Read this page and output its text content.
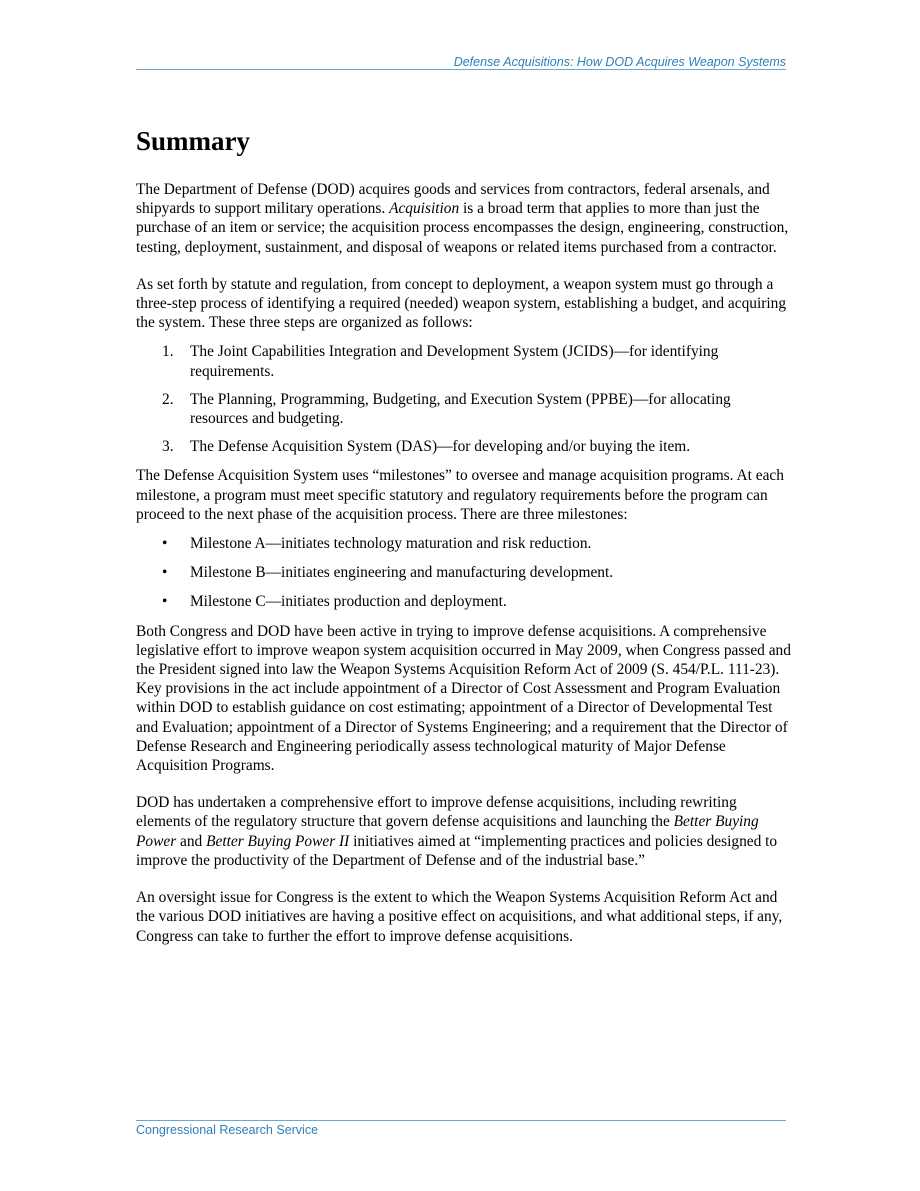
Defense Acquisitions: How DOD Acquires Weapon Systems
Summary

The Department of Defense (DOD) acquires goods and services from contractors, federal arsenals, and shipyards to support military operations. Acquisition is a broad term that applies to more than just the purchase of an item or service; the acquisition process encompasses the design, engineering, construction, testing, deployment, sustainment, and disposal of weapons or related items purchased from a contractor.

As set forth by statute and regulation, from concept to deployment, a weapon system must go through a three-step process of identifying a required (needed) weapon system, establishing a budget, and acquiring the system. These three steps are organized as follows:

1. The Joint Capabilities Integration and Development System (JCIDS)—for identifying requirements.
2. The Planning, Programming, Budgeting, and Execution System (PPBE)—for allocating resources and budgeting.
3. The Defense Acquisition System (DAS)—for developing and/or buying the item.

The Defense Acquisition System uses “milestones” to oversee and manage acquisition programs. At each milestone, a program must meet specific statutory and regulatory requirements before the program can proceed to the next phase of the acquisition process. There are three milestones:

• Milestone A—initiates technology maturation and risk reduction.
• Milestone B—initiates engineering and manufacturing development.
• Milestone C—initiates production and deployment.

Both Congress and DOD have been active in trying to improve defense acquisitions. A comprehensive legislative effort to improve weapon system acquisition occurred in May 2009, when Congress passed and the President signed into law the Weapon Systems Acquisition Reform Act of 2009 (S. 454/P.L. 111-23). Key provisions in the act include appointment of a Director of Cost Assessment and Program Evaluation within DOD to establish guidance on cost estimating; appointment of a Director of Developmental Test and Evaluation; appointment of a Director of Systems Engineering; and a requirement that the Director of Defense Research and Engineering periodically assess technological maturity of Major Defense Acquisition Programs.

DOD has undertaken a comprehensive effort to improve defense acquisitions, including rewriting elements of the regulatory structure that govern defense acquisitions and launching the Better Buying Power and Better Buying Power II initiatives aimed at “implementing practices and policies designed to improve the productivity of the Department of Defense and of the industrial base.”

An oversight issue for Congress is the extent to which the Weapon Systems Acquisition Reform Act and the various DOD initiatives are having a positive effect on acquisitions, and what additional steps, if any, Congress can take to further the effort to improve defense acquisitions.

Congressional Research Service
